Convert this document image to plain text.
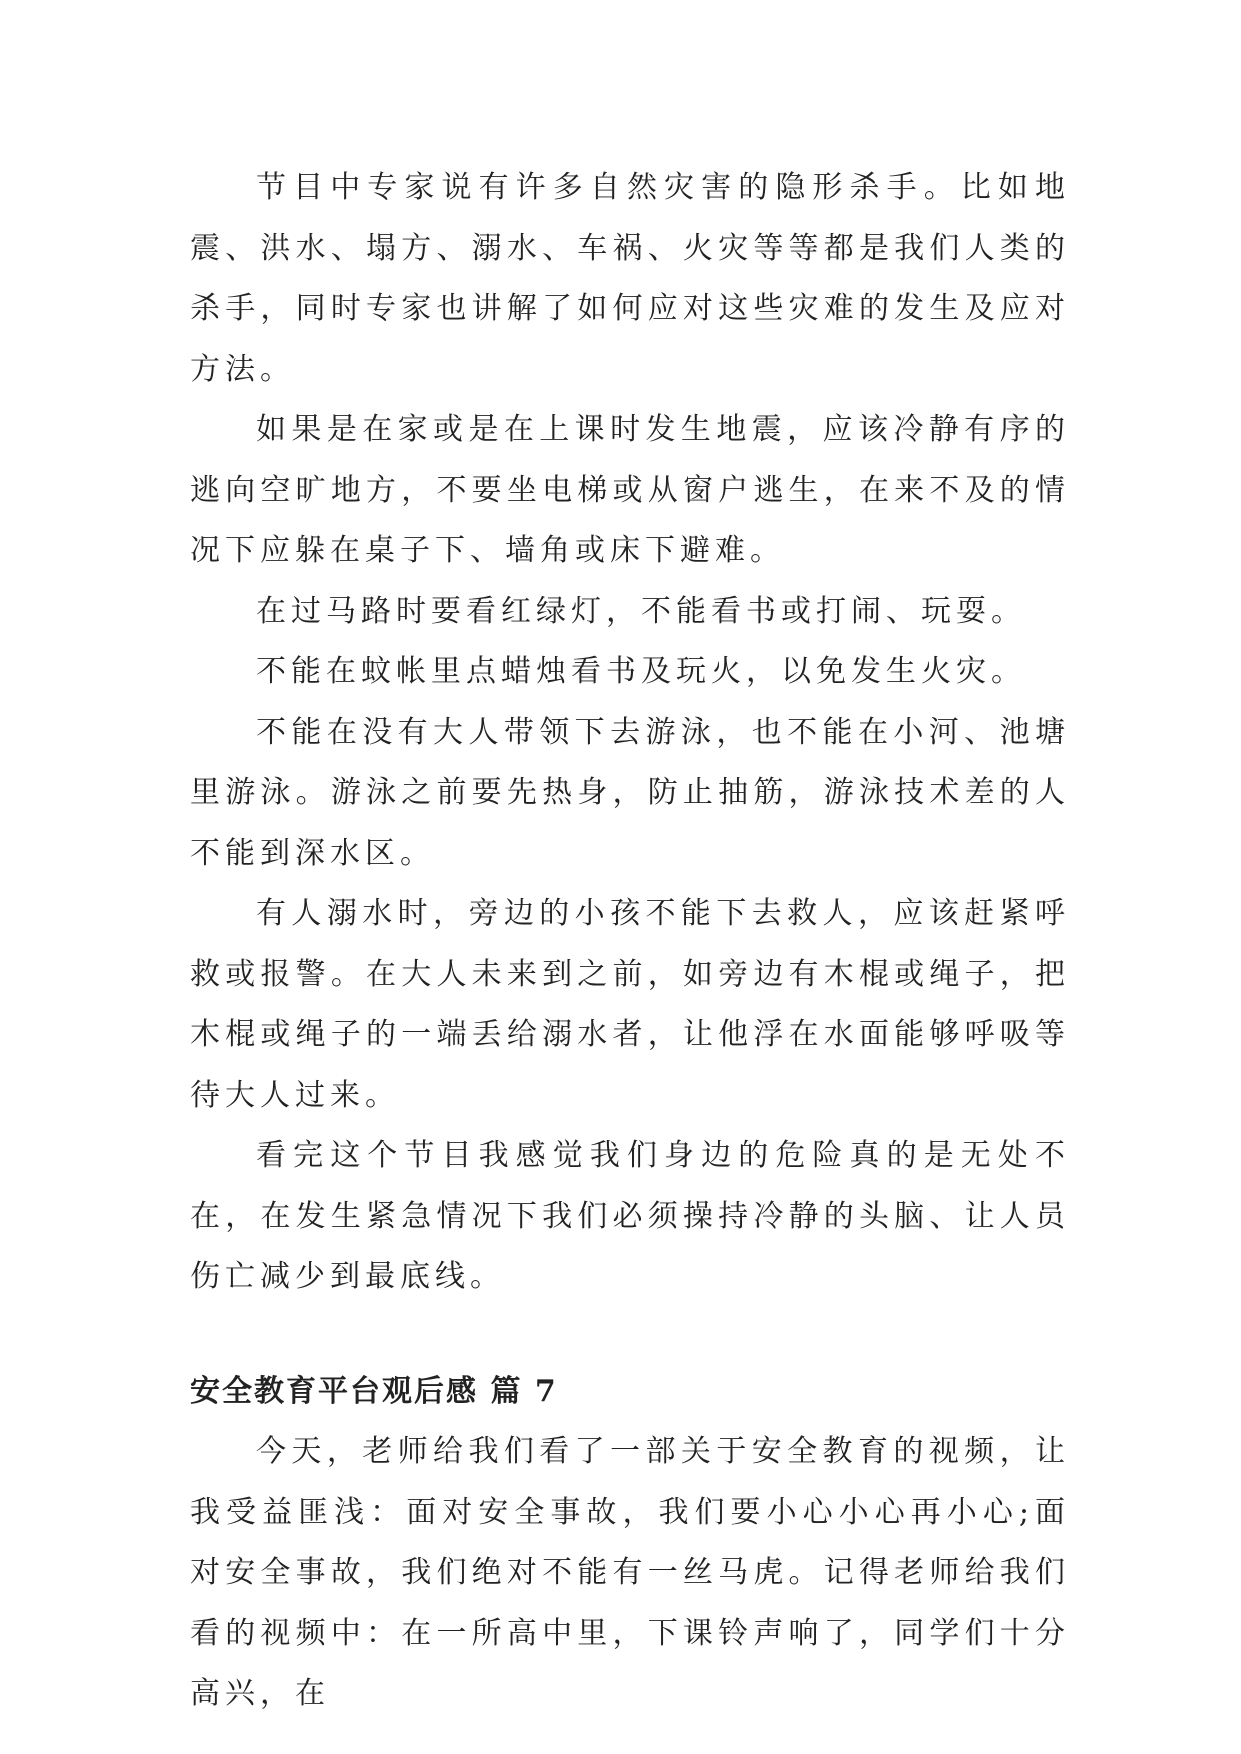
节目中专家说有许多自然灾害的隐形杀手。比如地震、洪水、塌方、溺水、车祸、火灾等等都是我们人类的杀手，同时专家也讲解了如何应对这些灾难的发生及应对方法。

如果是在家或是在上课时发生地震，应该冷静有序的逃向空旷地方，不要坐电梯或从窗户逃生，在来不及的情况下应躲在桌子下、墙角或床下避难。

在过马路时要看红绿灯，不能看书或打闹、玩耍。

不能在蚊帐里点蜡烛看书及玩火，以免发生火灾。

不能在没有大人带领下去游泳，也不能在小河、池塘里游泳。游泳之前要先热身，防止抽筋，游泳技术差的人不能到深水区。

有人溺水时，旁边的小孩不能下去救人，应该赶紧呼救或报警。在大人未来到之前，如旁边有木棍或绳子，把木棍或绳子的一端丢给溺水者，让他浮在水面能够呼吸等待大人过来。

看完这个节目我感觉我们身边的危险真的是无处不在，在发生紧急情况下我们必须操持冷静的头脑、让人员伤亡减少到最底线。

安全教育平台观后感 篇 7

今天，老师给我们看了一部关于安全教育的视频，让我受益匪浅：面对安全事故，我们要小心小心再小心;面对安全事故，我们绝对不能有一丝马虎。记得老师给我们看的视频中：在一所高中里，下课铃声响了，同学们十分高兴，在
